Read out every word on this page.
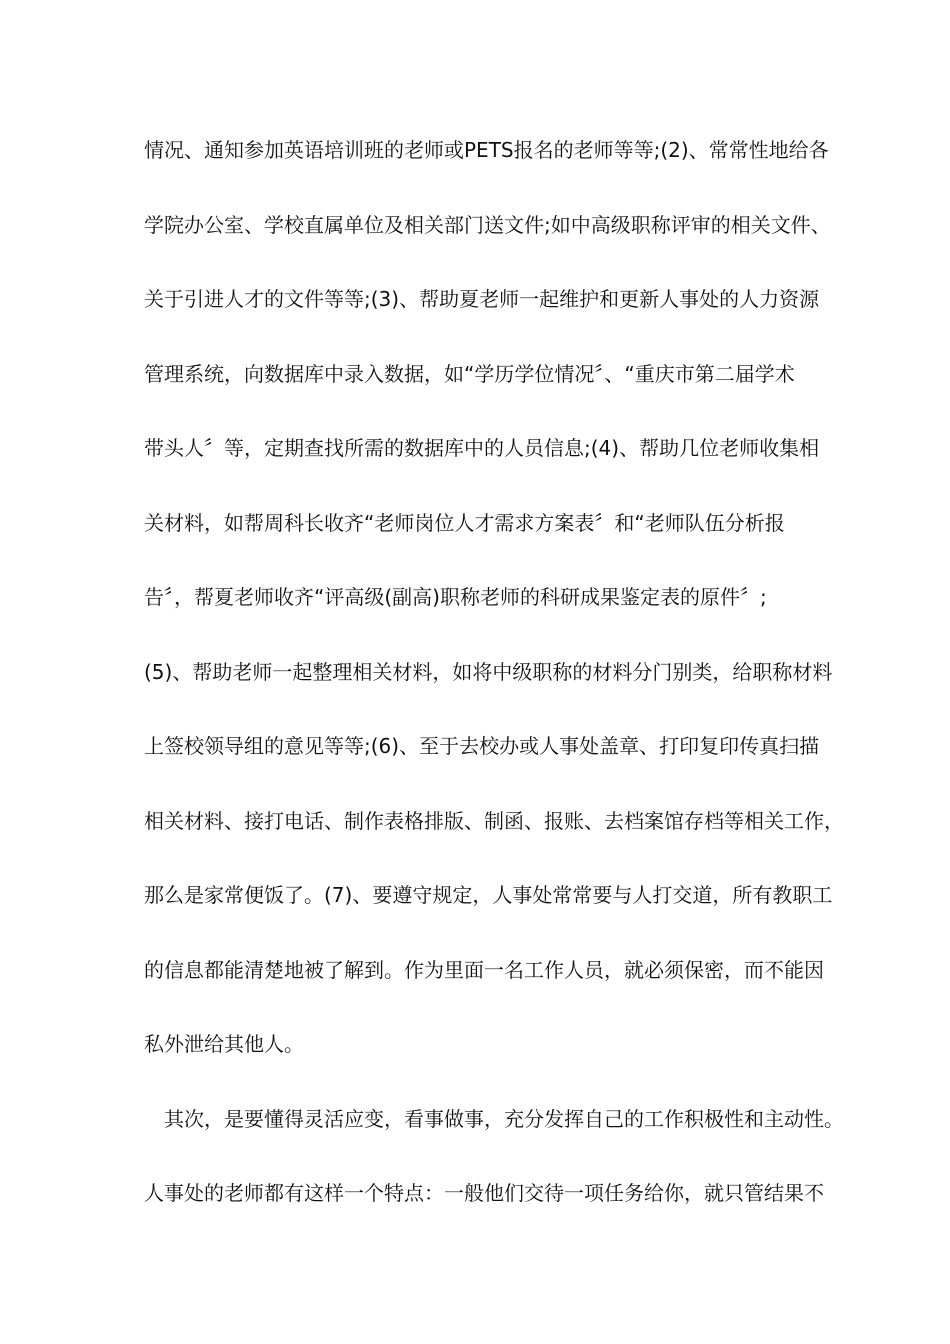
情况、通知参加英语培训班的老师或PETS报名的老师等等;(2)、常常性地给各
学院办公室、学校直属单位及相关部门送文件;如中高级职称评审的相关文件、
关于引进人才的文件等等;(3)、帮助夏老师一起维护和更新人事处的人力资源
管理系统，向数据库中录入数据，如“学历学位情况〞、“重庆市第二届学术
带头人〞等，定期查找所需的数据库中的人员信息;(4)、帮助几位老师收集相
关材料，如帮周科长收齐“老师岗位人才需求方案表〞和“老师队伍分析报
告〞，帮夏老师收齐“评高级(副高)职称老师的科研成果鉴定表的原件〞;
(5)、帮助老师一起整理相关材料，如将中级职称的材料分门别类，给职称材料
上签校领导组的意见等等;(6)、至于去校办或人事处盖章、打印复印传真扫描
相关材料、接打电话、制作表格排版、制函、报账、去档案馆存档等相关工作，
那么是家常便饭了。(7)、要遵守规定，人事处常常要与人打交道，所有教职工
的信息都能清楚地被了解到。作为里面一名工作人员，就必须保密，而不能因
私外泄给其他人。
其次，是要懂得灵活应变，看事做事，充分发挥自己的工作积极性和主动性。
人事处的老师都有这样一个特点：一般他们交待一项任务给你，就只管结果不
